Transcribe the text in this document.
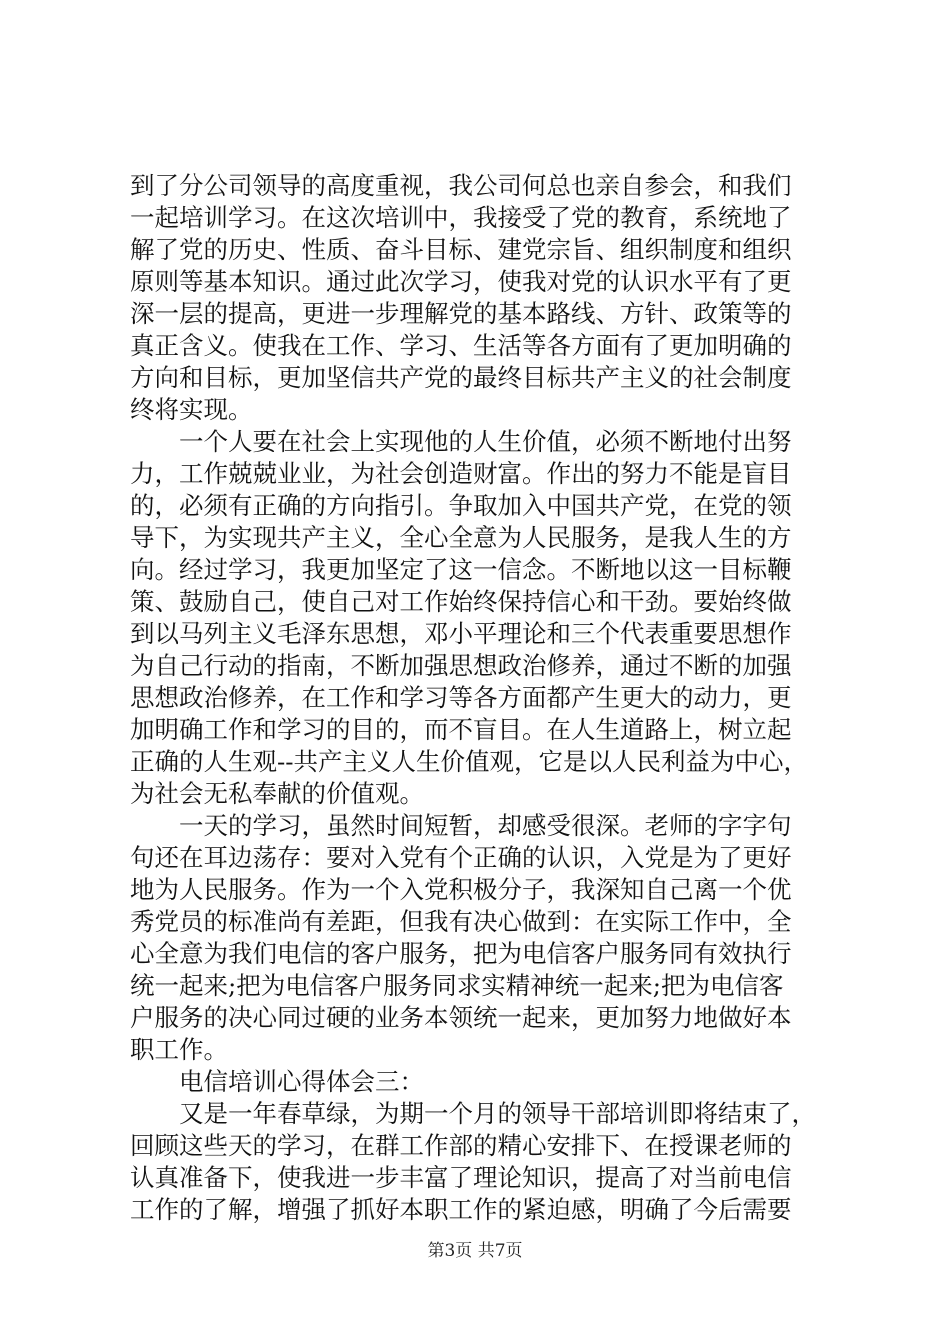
到了分公司领导的高度重视，我公司何总也亲自参会，和我们
一起培训学习。在这次培训中，我接受了党的教育，系统地了
解了党的历史、性质、奋斗目标、建党宗旨、组织制度和组织
原则等基本知识。通过此次学习，使我对党的认识水平有了更
深一层的提高，更进一步理解党的基本路线、方针、政策等的
真正含义。使我在工作、学习、生活等各方面有了更加明确的
方向和目标，更加坚信共产党的最终目标共产主义的社会制度
终将实现。
　　一个人要在社会上实现他的人生价值，必须不断地付出努
力，工作兢兢业业，为社会创造财富。作出的努力不能是盲目
的，必须有正确的方向指引。争取加入中国共产党，在党的领
导下，为实现共产主义，全心全意为人民服务，是我人生的方
向。经过学习，我更加坚定了这一信念。不断地以这一目标鞭
策、鼓励自己，使自己对工作始终保持信心和干劲。要始终做
到以马列主义毛泽东思想，邓小平理论和三个代表重要思想作
为自己行动的指南，不断加强思想政治修养，通过不断的加强
思想政治修养，在工作和学习等各方面都产生更大的动力，更
加明确工作和学习的目的，而不盲目。在人生道路上，树立起
正确的人生观--共产主义人生价值观，它是以人民利益为中心，
为社会无私奉献的价值观。
　　一天的学习，虽然时间短暂，却感受很深。老师的字字句
句还在耳边荡存：要对入党有个正确的认识，入党是为了更好
地为人民服务。作为一个入党积极分子，我深知自己离一个优
秀党员的标准尚有差距，但我有决心做到：在实际工作中，全
心全意为我们电信的客户服务，把为电信客户服务同有效执行
统一起来;把为电信客户服务同求实精神统一起来;把为电信客
户服务的决心同过硬的业务本领统一起来，更加努力地做好本
职工作。
　　电信培训心得体会三：
　　又是一年春草绿，为期一个月的领导干部培训即将结束了，
回顾这些天的学习，在群工作部的精心安排下、在授课老师的
认真准备下，使我进一步丰富了理论知识，提高了对当前电信
工作的了解，增强了抓好本职工作的紧迫感，明确了今后需要
第3页 共7页
